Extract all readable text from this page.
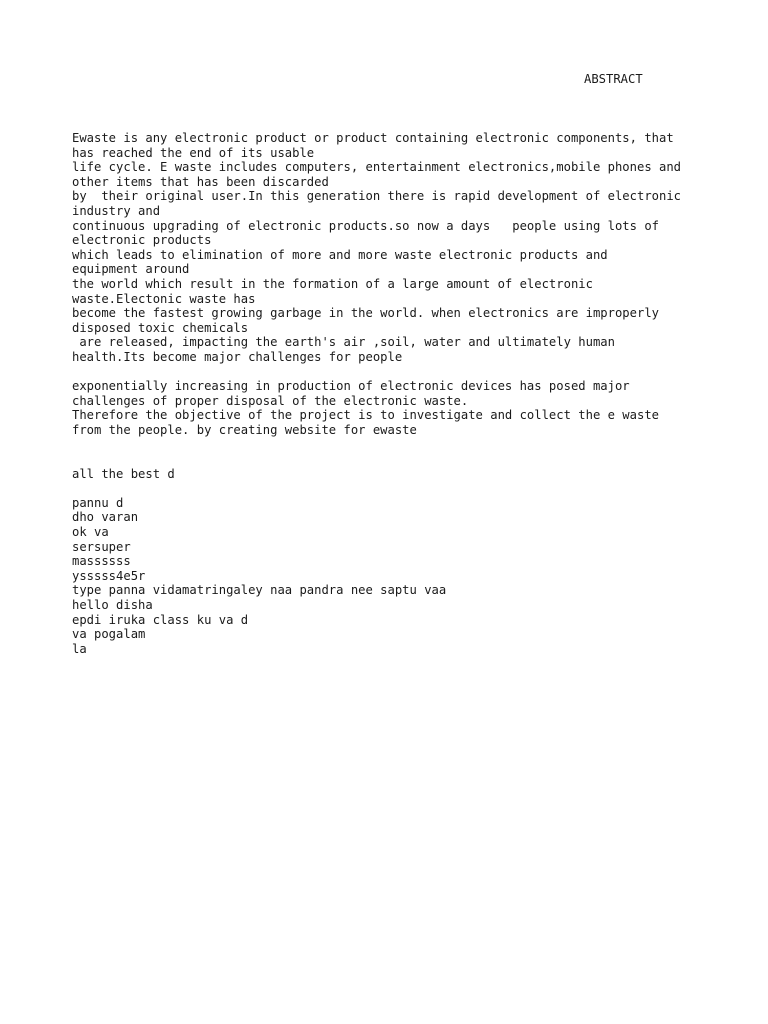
ABSTRACT
Ewaste is any electronic product or product containing electronic components, that
has reached the end of its usable
life cycle. E waste includes computers, entertainment electronics,mobile phones and
other items that has been discarded
by  their original user.In this generation there is rapid development of electronic
industry and
continuous upgrading of electronic products.so now a days   people using lots of
electronic products
which leads to elimination of more and more waste electronic products and
equipment around
the world which result in the formation of a large amount of electronic
waste.Electonic waste has
become the fastest growing garbage in the world. when electronics are improperly
disposed toxic chemicals
are released, impacting the earth's air ,soil, water and ultimately human
health.Its become major challenges for people
exponentially increasing in production of electronic devices has posed major
challenges of proper disposal of the electronic waste.
Therefore the objective of the project is to investigate and collect the e waste
from the people. by creating website for ewaste
all the best d
pannu d
dho varan
ok va
sersuper
massssss
ysssss4e5r
type panna vidamatringaley naa pandra nee saptu vaa
hello disha
epdi iruka class ku va d
va pogalam
la
